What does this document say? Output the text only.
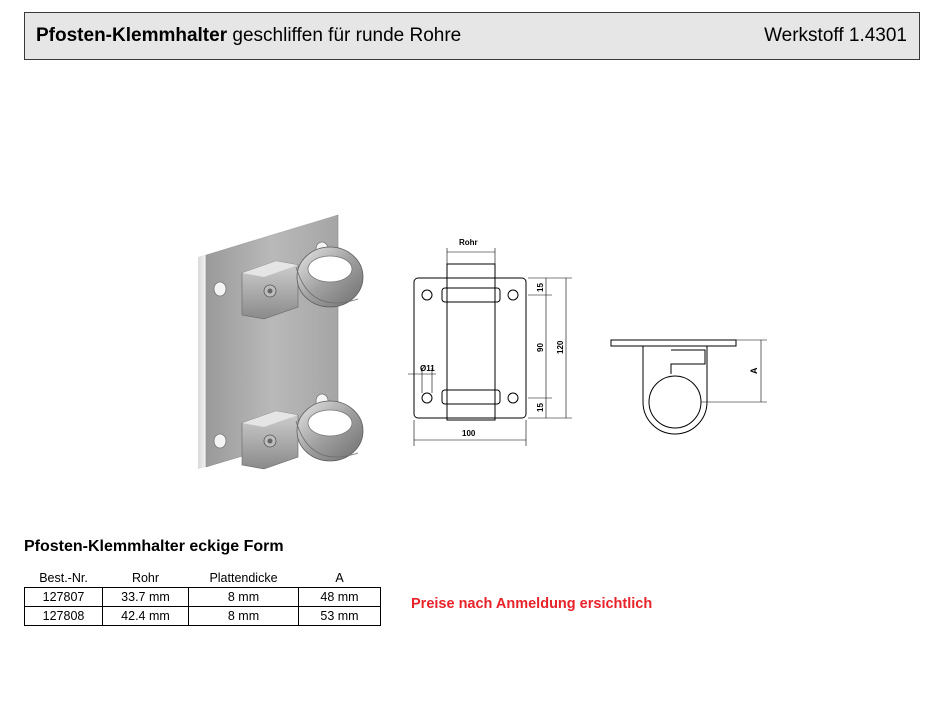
Pfosten-Klemmhalter geschliffen für runde Rohre	Werkstoff 1.4301
Rohr
100
Ø11
15
90 120
15
A
Pfosten-Klemmhalter eckige Form
Best.-Nr.	Rohr	Plattendicke	A
127807	33.7 mm	8 mm	48 mm
127808	42.4 mm	8 mm	53 mm
Preise nach Anmeldung ersichtlich
